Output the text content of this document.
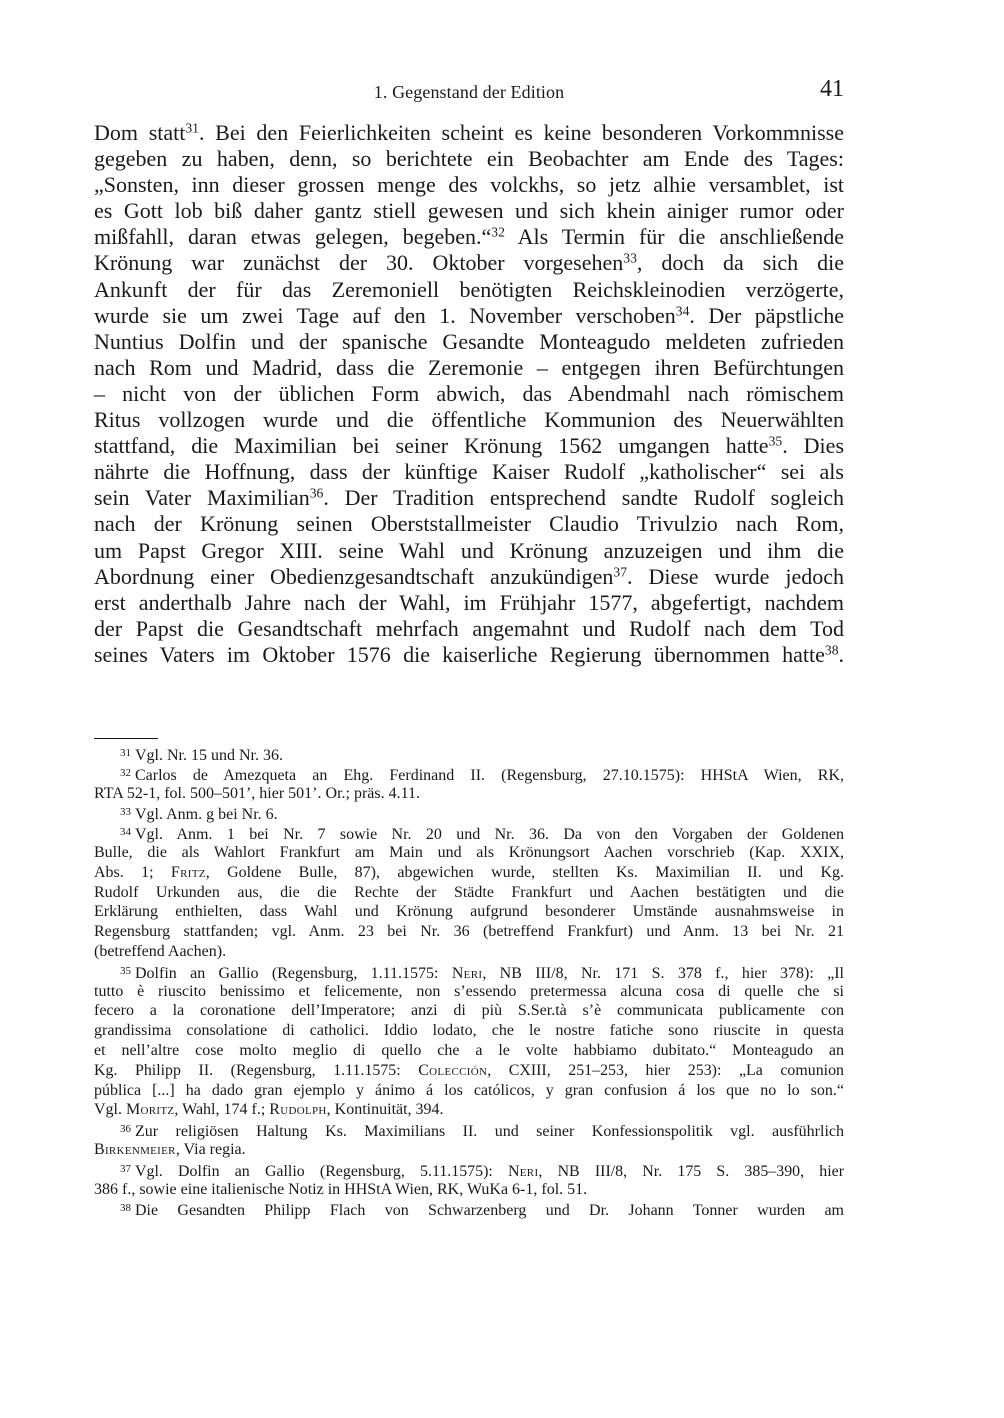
1. Gegenstand der Edition	41
Dom statt$^{31}$. Bei den Feierlichkeiten scheint es keine besonderen Vorkommnisse
gegeben zu haben, denn, so berichtete ein Beobachter am Ende des Tages:
„Sonsten, inn dieser grossen menge des volckhs, so jetz alhie versamblet, ist
es Gott lob biß daher gantz stiell gewesen und sich khein ainiger rumor oder
mißfahll, daran etwas gelegen, begeben.“$^{32}$ Als Termin für die anschließende
Krönung war zunächst der 30. Oktober vorgesehen$^{33}$, doch da sich die
Ankunft der für das Zeremoniell benötigten Reichskleinodien verzögerte,
wurde sie um zwei Tage auf den 1. November verschoben$^{34}$. Der päpstliche
Nuntius Dolfin und der spanische Gesandte Monteagudo meldeten zufrieden
nach Rom und Madrid, dass die Zeremonie – entgegen ihren Befürchtungen
– nicht von der üblichen Form abwich, das Abendmahl nach römischem
Ritus vollzogen wurde und die öffentliche Kommunion des Neuerwählten
stattfand, die Maximilian bei seiner Krönung 1562 umgangen hatte$^{35}$. Dies
nährte die Hoffnung, dass der künftige Kaiser Rudolf „katholischer“ sei als
sein Vater Maximilian$^{36}$. Der Tradition entsprechend sandte Rudolf sogleich
nach der Krönung seinen Oberststallmeister Claudio Trivulzio nach Rom,
um Papst Gregor XIII. seine Wahl und Krönung anzuzeigen und ihm die
Abordnung einer Obedienzgesandtschaft anzukündigen$^{37}$. Diese wurde jedoch
erst anderthalb Jahre nach der Wahl, im Frühjahr 1577, abgefertigt, nachdem
der Papst die Gesandtschaft mehrfach angemahnt und Rudolf nach dem Tod
seines Vaters im Oktober 1576 die kaiserliche Regierung übernommen hatte$^{38}$.
$^{31}$ Vgl. Nr. 15 und Nr. 36.
$^{32}$ Carlos de Amezqueta an Ehg. Ferdinand II. (Regensburg, 27.10.1575): HHStA Wien, RK,
RTA 52-1, fol. 500–501’, hier 501’. Or.; präs. 4.11.
$^{33}$ Vgl. Anm. g bei Nr. 6.
$^{34}$ Vgl. Anm. 1 bei Nr. 7 sowie Nr. 20 und Nr. 36. Da von den Vorgaben der Goldenen
Bulle, die als Wahlort Frankfurt am Main und als Krönungsort Aachen vorschrieb (Kap. XXIX,
Abs. 1; Fritz, Goldene Bulle, 87), abgewichen wurde, stellten Ks. Maximilian II. und Kg.
Rudolf Urkunden aus, die die Rechte der Städte Frankfurt und Aachen bestätigten und die
Erklärung enthielten, dass Wahl und Krönung aufgrund besonderer Umstände ausnahmsweise in
Regensburg stattfanden; vgl. Anm. 23 bei Nr. 36 (betreffend Frankfurt) und Anm. 13 bei Nr. 21
(betreffend Aachen).
$^{35}$ Dolfin an Gallio (Regensburg, 1.11.1575: Neri, NB III/8, Nr. 171 S. 378 f., hier 378): „Il
tutto è riuscito benissimo et felicemente, non s’essendo pretermessa alcuna cosa di quelle che si
fecero a la coronatione dell’Imperatore; anzi di più S.Ser.tà s’è communicata publicamente con
grandissima consolatione di catholici. Iddio lodato, che le nostre fatiche sono riuscite in questa
et nell’altre cose molto meglio di quello che a le volte habbiamo dubitato.“ Monteagudo an
Kg. Philipp II. (Regensburg, 1.11.1575: Colección, CXIII, 251–253, hier 253): „La comunion
pública [...] ha dado gran ejemplo y ánimo á los católicos, y gran confusion á los que no lo son.“
Vgl. Moritz, Wahl, 174 f.; Rudolph, Kontinuität, 394.
$^{36}$ Zur religiösen Haltung Ks. Maximilians II. und seiner Konfessionspolitik vgl. ausführlich
Birkenmeier, Via regia.
$^{37}$ Vgl. Dolfin an Gallio (Regensburg, 5.11.1575): Neri, NB III/8, Nr. 175 S. 385–390, hier
386 f., sowie eine italienische Notiz in HHStA Wien, RK, WuKa 6-1, fol. 51.
$^{38}$ Die Gesandten Philipp Flach von Schwarzenberg und Dr. Johann Tonner wurden am
